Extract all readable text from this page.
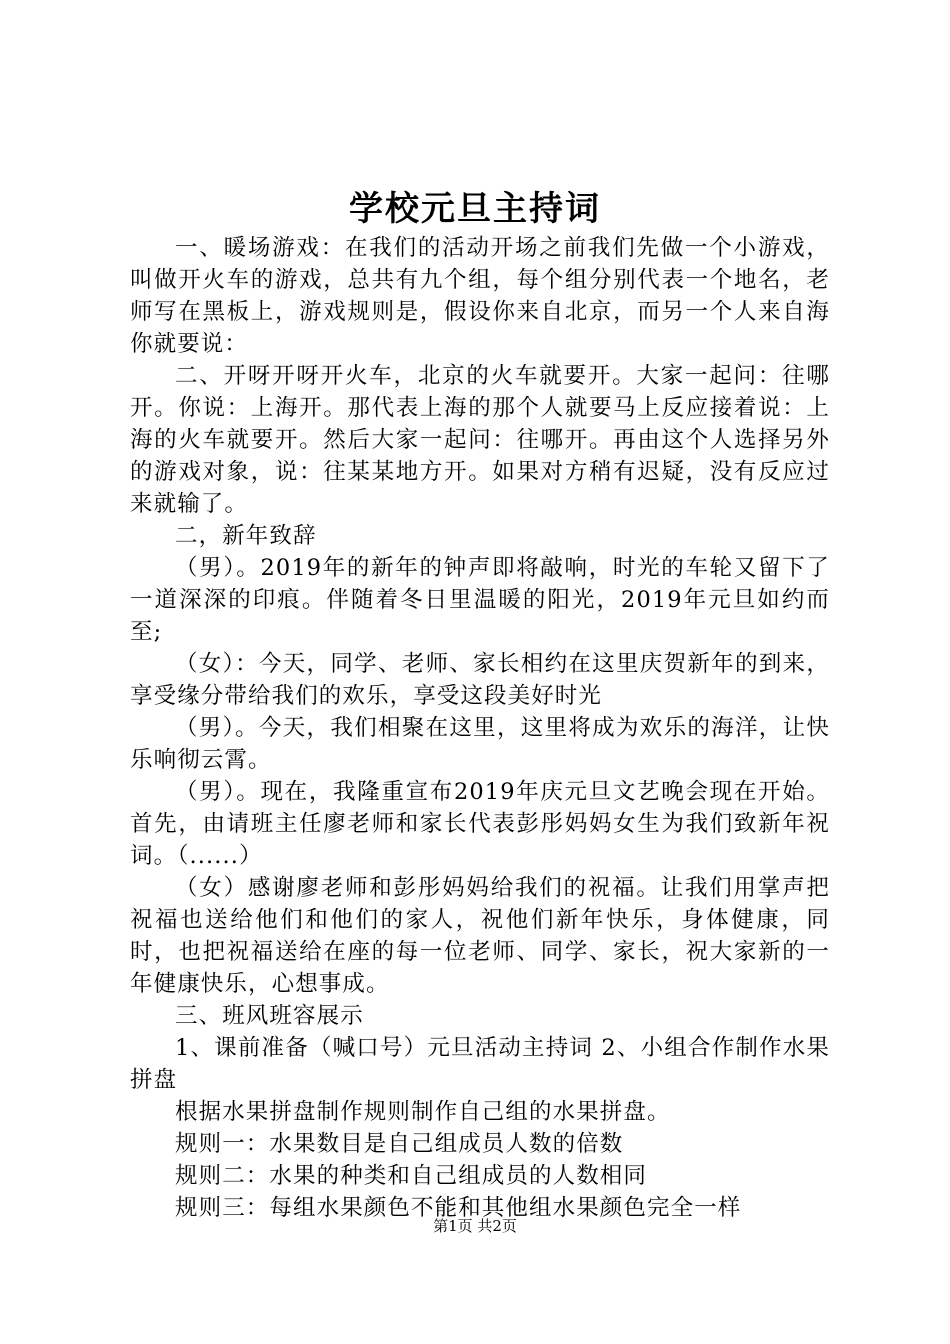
学校元旦主持词

一、暖场游戏：在我们的活动开场之前我们先做一个小游戏，叫做开火车的游戏，总共有九个组，每个组分别代表一个地名，老师写在黑板上，游戏规则是，假设你来自北京，而另一个人来自海你就要说：

二、开呀开呀开火车，北京的火车就要开。大家一起问：往哪开。你说：上海开。那代表上海的那个人就要马上反应接着说：上海的火车就要开。然后大家一起问：往哪开。再由这个人选择另外的游戏对象，说：往某某地方开。如果对方稍有迟疑，没有反应过来就输了。

二，新年致辞

（男）。2019年的新年的钟声即将敲响，时光的车轮又留下了一道深深的印痕。伴随着冬日里温暖的阳光，2019年元旦如约而至;

（女）：今天，同学、老师、家长相约在这里庆贺新年的到来，享受缘分带给我们的欢乐，享受这段美好时光

（男）。今天，我们相聚在这里，这里将成为欢乐的海洋，让快乐响彻云霄。

（男）。现在，我隆重宣布2019年庆元旦文艺晚会现在开始。首先，由请班主任廖老师和家长代表彭彤妈妈女生为我们致新年祝词。（......）

（女）感谢廖老师和彭彤妈妈给我们的祝福。让我们用掌声把祝福也送给他们和他们的家人，祝他们新年快乐，身体健康，同时，也把祝福送给在座的每一位老师、同学、家长，祝大家新的一年健康快乐，心想事成。

三、班风班容展示

1、课前准备（喊口号）元旦活动主持词 2、小组合作制作水果拼盘

根据水果拼盘制作规则制作自己组的水果拼盘。

规则一：水果数目是自己组成员人数的倍数

规则二：水果的种类和自己组成员的人数相同

规则三：每组水果颜色不能和其他组水果颜色完全一样

第1页 共2页
